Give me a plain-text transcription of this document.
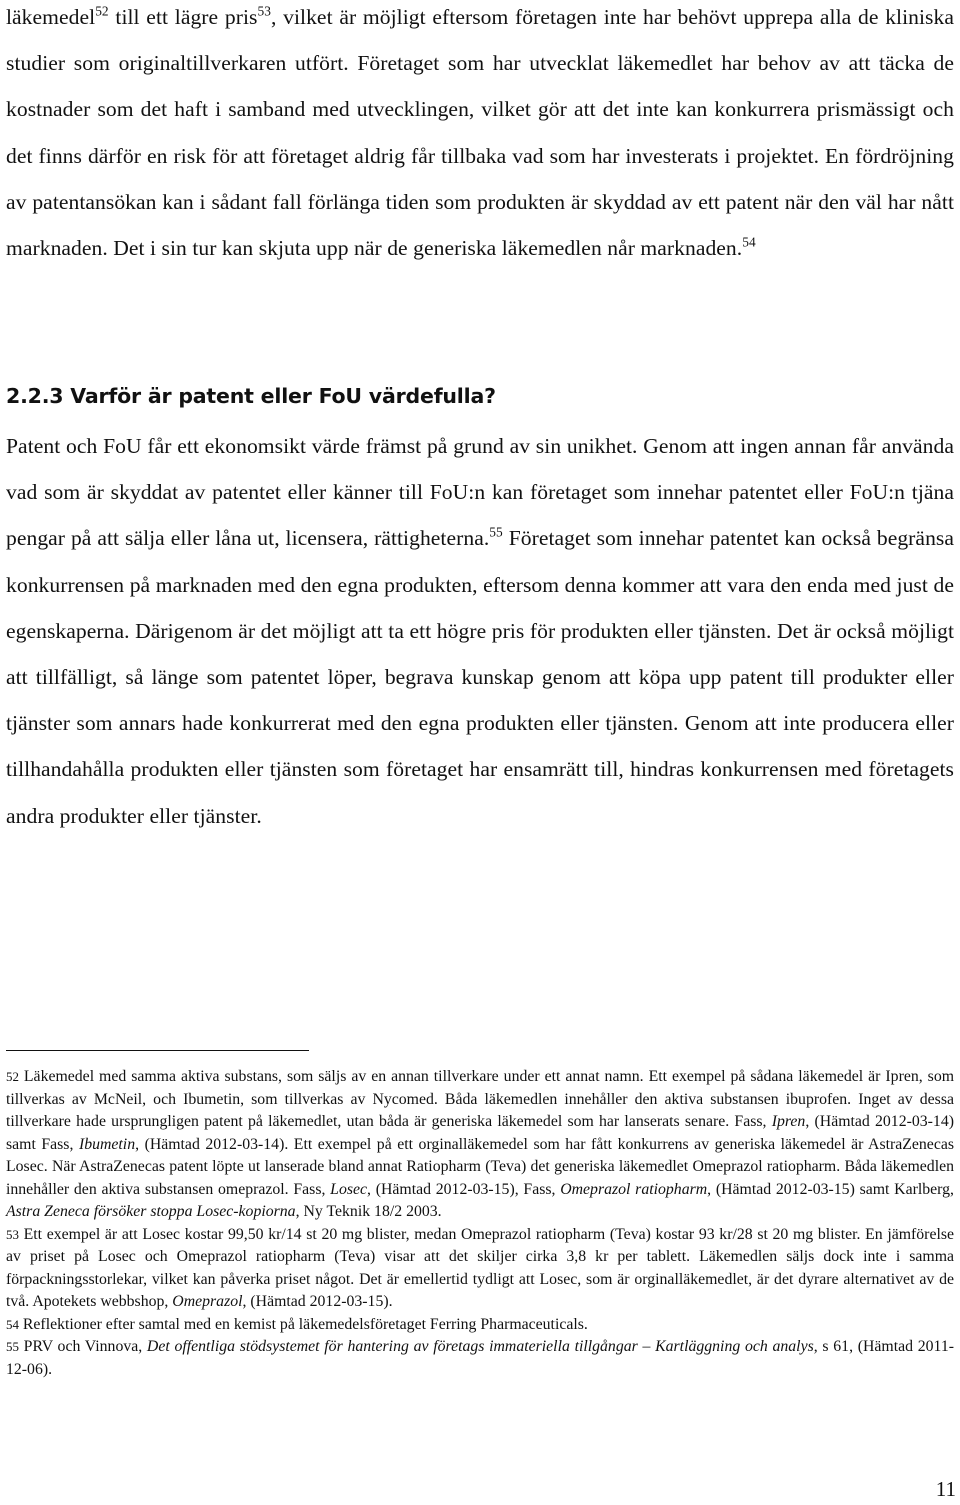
läkemedel$^{52}$ till ett lägre pris$^{53}$, vilket är möjligt eftersom företagen inte har behövt upprepa alla de kliniska studier som originaltillverkaren utfört. Företaget som har utvecklat läkemedlet har behov av att täcka de kostnader som det haft i samband med utvecklingen, vilket gör att det inte kan konkurrera prismässigt och det finns därför en risk för att företaget aldrig får tillbaka vad som har investerats i projektet. En fördröjning av patentansökan kan i sådant fall förlänga tiden som produkten är skyddad av ett patent när den väl har nått marknaden. Det i sin tur kan skjuta upp när de generiska läkemedlen når marknaden.$^{54}$

2.2.3 Varför är patent eller FoU värdefulla?

Patent och FoU får ett ekonomsikt värde främst på grund av sin unikhet. Genom att ingen annan får använda vad som är skyddat av patentet eller känner till FoU:n kan företaget som innehar patentet eller FoU:n tjäna pengar på att sälja eller låna ut, licensera, rättigheterna.$^{55}$ Företaget som innehar patentet kan också begränsa konkurrensen på marknaden med den egna produkten, eftersom denna kommer att vara den enda med just de egenskaperna. Därigenom är det möjligt att ta ett högre pris för produkten eller tjänsten. Det är också möjligt att tillfälligt, så länge som patentet löper, begrava kunskap genom att köpa upp patent till produkter eller tjänster som annars hade konkurrerat med den egna produkten eller tjänsten. Genom att inte producera eller tillhandahålla produkten eller tjänsten som företaget har ensamrätt till, hindras konkurrensen med företagets andra produkter eller tjänster.

52 Läkemedel med samma aktiva substans, som säljs av en annan tillverkare under ett annat namn. Ett exempel på sådana läkemedel är Ipren, som tillverkas av McNeil, och Ibumetin, som tillverkas av Nycomed. Båda läkemedlen innehåller den aktiva substansen ibuprofen. Inget av dessa tillverkare hade ursprungligen patent på läkemedlet, utan båda är generiska läkemedel som har lanserats senare. Fass, Ipren, (Hämtad 2012-03-14) samt Fass, Ibumetin, (Hämtad 2012-03-14). Ett exempel på ett orginalläkemedel som har fått konkurrens av generiska läkemedel är AstraZenecas Losec. När AstraZenecas patent löpte ut lanserade bland annat Ratiopharm (Teva) det generiska läkemedlet Omeprazol ratiopharm. Båda läkemedlen innehåller den aktiva substansen omeprazol. Fass, Losec, (Hämtad 2012-03-15), Fass, Omeprazol ratiopharm, (Hämtad 2012-03-15) samt Karlberg, Astra Zeneca försöker stoppa Losec-kopiorna, Ny Teknik 18/2 2003.

53 Ett exempel är att Losec kostar 99,50 kr/14 st 20 mg blister, medan Omeprazol ratiopharm (Teva) kostar 93 kr/28 st 20 mg blister. En jämförelse av priset på Losec och Omeprazol ratiopharm (Teva) visar att det skiljer cirka 3,8 kr per tablett. Läkemedlen säljs dock inte i samma förpackningsstorlekar, vilket kan påverka priset något. Det är emellertid tydligt att Losec, som är orginalläkemedlet, är det dyrare alternativet av de två. Apotekets webbshop, Omeprazol, (Hämtad 2012-03-15).

54 Reflektioner efter samtal med en kemist på läkemedelsföretaget Ferring Pharmaceuticals.

55 PRV och Vinnova, Det offentliga stödsystemet för hantering av företags immateriella tillgångar – Kartläggning och analys, s 61, (Hämtad 2011-12-06).

11
